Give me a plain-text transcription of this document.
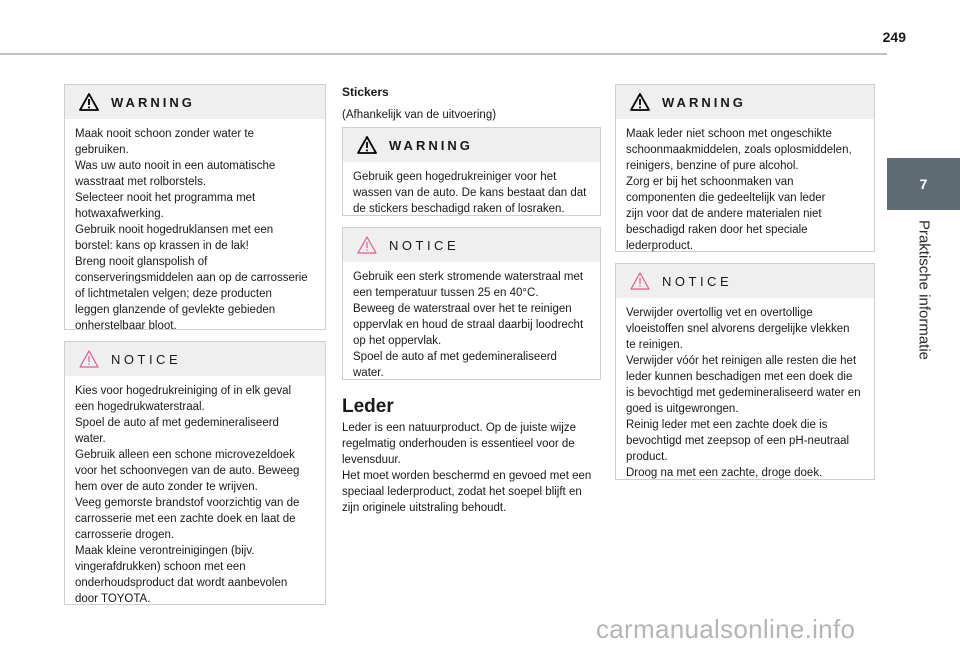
249
7
Praktische informatie
WARNING

Maak nooit schoon zonder water te

gebruiken.

Was uw auto nooit in een automatische

wasstraat met rolborstels.

Selecteer nooit het programma met

hotwaxafwerking.

Gebruik nooit hogedruklansen met een

borstel: kans op krassen in de lak!

Breng nooit glanspolish of

conserveringsmiddelen aan op de carrosserie

of lichtmetalen velgen; deze producten

leggen glanzende of gevlekte gebieden

onherstelbaar bloot.

NOTICE

Kies voor hogedrukreiniging of in elk geval

een hogedrukwaterstraal.

Spoel de auto af met gedemineraliseerd

water.

Gebruik alleen een schone microvezeldoek

voor het schoonvegen van de auto. Beweeg

hem over de auto zonder te wrijven.

Veeg gemorste brandstof voorzichtig van de

carrosserie met een zachte doek en laat de

carrosserie drogen.

Maak kleine verontreinigingen (bijv.

vingerafdrukken) schoon met een

onderhoudsproduct dat wordt aanbevolen

door TOYOTA.

Stickers
(Afhankelijk van de uitvoering)
WARNING

Gebruik geen hogedrukreiniger voor het

wassen van de auto. De kans bestaat dan dat

de stickers beschadigd raken of losraken.

NOTICE

Gebruik een sterk stromende waterstraal met

een temperatuur tussen 25 en 40°C.

Beweeg de waterstraal over het te reinigen

oppervlak en houd de straal daarbij loodrecht

op het oppervlak.

Spoel de auto af met gedemineraliseerd

water.

Leder

Leder is een natuurproduct. Op de juiste wijze

regelmatig onderhouden is essentieel voor de

levensduur.

Het moet worden beschermd en gevoed met een

speciaal lederproduct, zodat het soepel blijft en

zijn originele uitstraling behoudt.

WARNING

Maak leder niet schoon met ongeschikte

schoonmaakmiddelen, zoals oplosmiddelen,

reinigers, benzine of pure alcohol.

Zorg er bij het schoonmaken van

componenten die gedeeltelijk van leder

zijn voor dat de andere materialen niet

beschadigd raken door het speciale

lederproduct.

NOTICE

Verwijder overtollig vet en overtollige

vloeistoffen snel alvorens dergelijke vlekken

te reinigen.

Verwijder vóór het reinigen alle resten die het

leder kunnen beschadigen met een doek die

is bevochtigd met gedemineraliseerd water en

goed is uitgewrongen.

Reinig leder met een zachte doek die is

bevochtigd met zeepsop of een pH-neutraal

product.

Droog na met een zachte, droge doek.

carmanualsonline.info
